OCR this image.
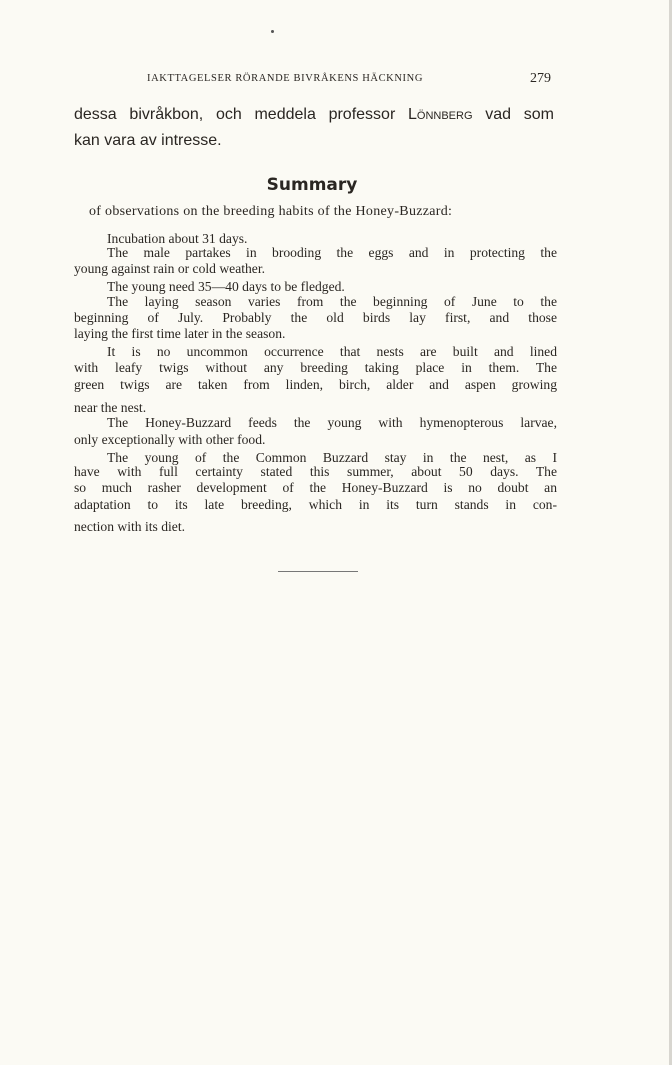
IAKTTAGELSER RÖRANDE BIVRÅKENS HÄCKNING	279
dessa bivråkbon, och meddela professor Lönnberg vad som
kan vara av intresse.
Summary
of observations on the breeding habits of the Honey-Buzzard:
Incubation about 31 days.
The male partakes in brooding the eggs and in protecting the
young against rain or cold weather.
The young need 35—40 days to be fledged.
The laying season varies from the beginning of June to the
beginning of July. Probably the old birds lay first, and those
laying the first time later in the season.
It is no uncommon occurrence that nests are built and lined
with leafy twigs without any breeding taking place in them. The
green twigs are taken from linden, birch, alder and aspen growing
near the nest.
The Honey-Buzzard feeds the young with hymenopterous larvae,
only exceptionally with other food.
The young of the Common Buzzard stay in the nest, as I
have with full certainty stated this summer, about 50 days. The
so much rasher development of the Honey-Buzzard is no doubt an
adaptation to its late breeding, which in its turn stands in con-
nection with its diet.
